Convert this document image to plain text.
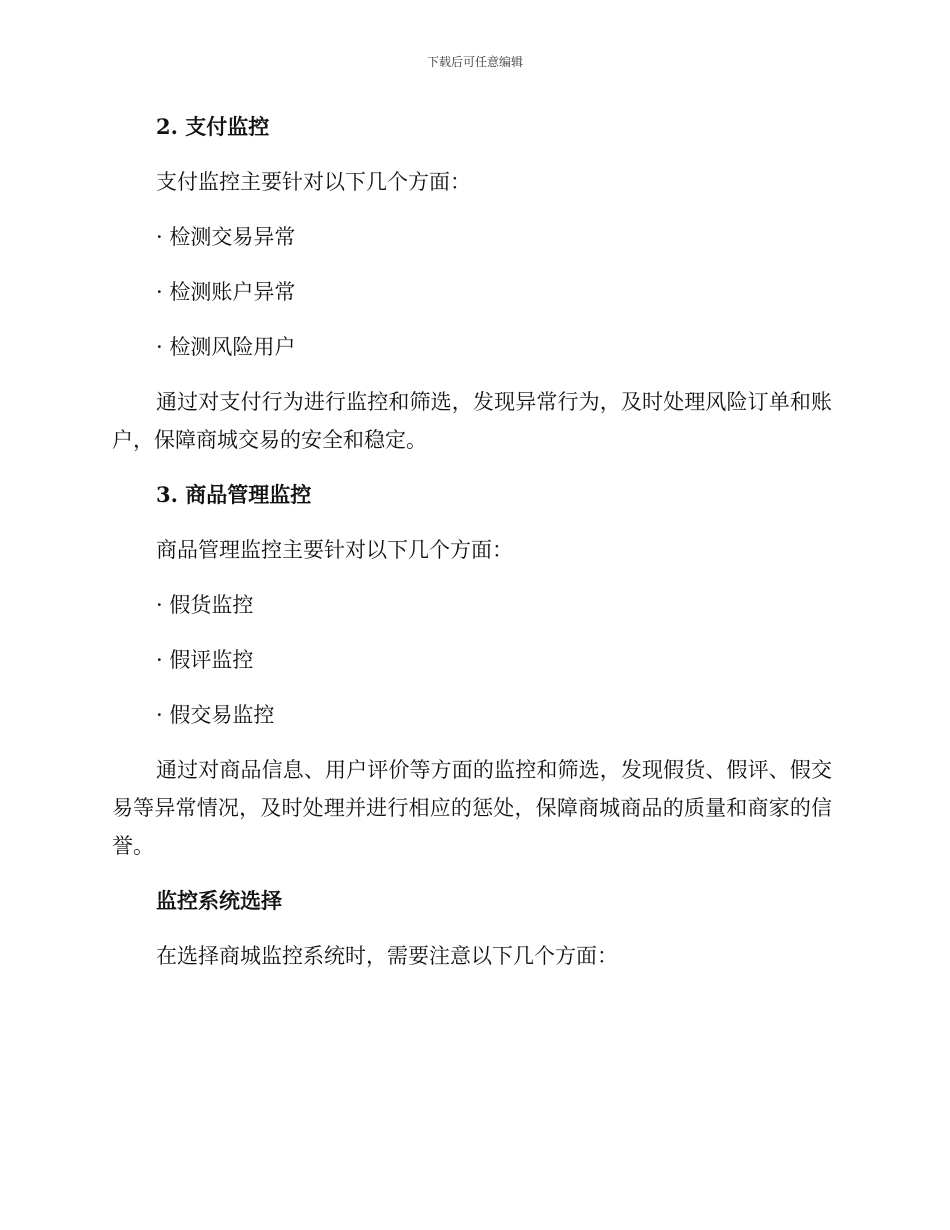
下载后可任意编辑

2. 支付监控

支付监控主要针对以下几个方面：

· 检测交易异常

· 检测账户异常

· 检测风险用户

通过对支付行为进行监控和筛选，发现异常行为，及时处理风险订单和账户，保障商城交易的安全和稳定。

3. 商品管理监控

商品管理监控主要针对以下几个方面：

· 假货监控

· 假评监控

· 假交易监控

通过对商品信息、用户评价等方面的监控和筛选，发现假货、假评、假交易等异常情况，及时处理并进行相应的惩处，保障商城商品的质量和商家的信誉。

监控系统选择

在选择商城监控系统时，需要注意以下几个方面：
